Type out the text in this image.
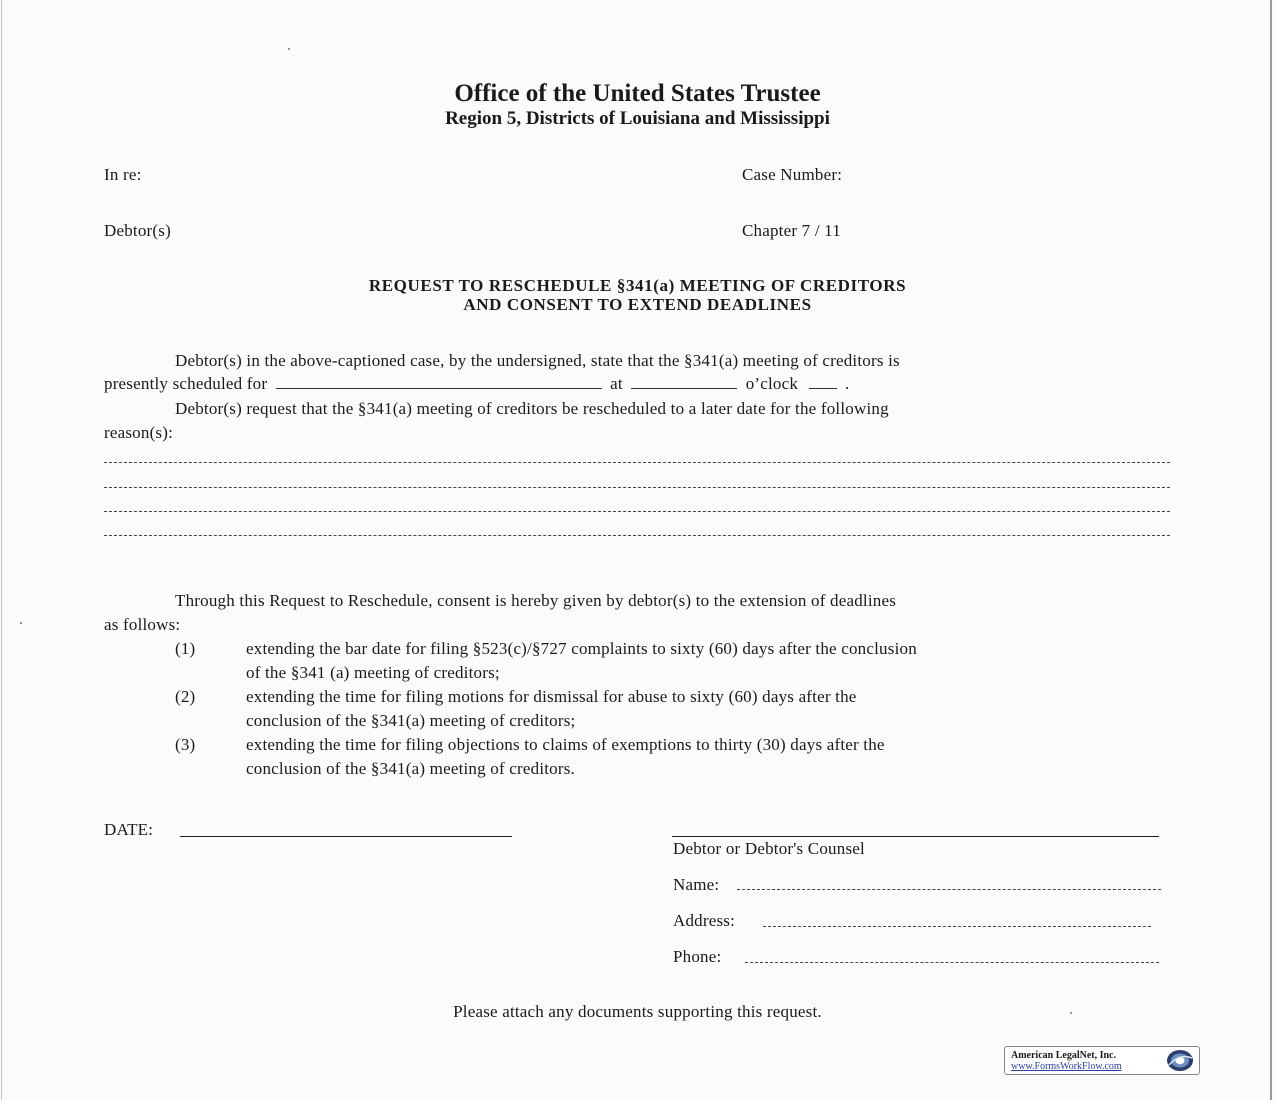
Office of the United States Trustee
Region 5, Districts of Louisiana and Mississippi
In re:	Case Number:
Debtor(s)	Chapter 7 / 11
REQUEST TO RESCHEDULE §341(a) MEETING OF CREDITORS
AND CONSENT TO EXTEND DEADLINES
Debtor(s) in the above-captioned case, by the undersigned, state that the §341(a) meeting of creditors is
presently scheduled for	at	o’clock	.
Debtor(s) request that the §341(a) meeting of creditors be rescheduled to a later date for the following
reason(s):
Through this Request to Reschedule, consent is hereby given by debtor(s) to the extension of deadlines
as follows:
(1)	extending the bar date for filing §523(c)/§727 complaints to sixty (60) days after the conclusion
of the §341 (a) meeting of creditors;
(2)	extending the time for filing motions for dismissal for abuse to sixty (60) days after the
conclusion of the §341(a) meeting of creditors;
(3)	extending the time for filing objections to claims of exemptions to thirty (30) days after the
conclusion of the §341(a) meeting of creditors.
DATE:
Debtor or Debtor's Counsel
Name:
Address:
Phone:
Please attach any documents supporting this request.
American LegalNet, Inc.
www.FormsWorkFlow.com
